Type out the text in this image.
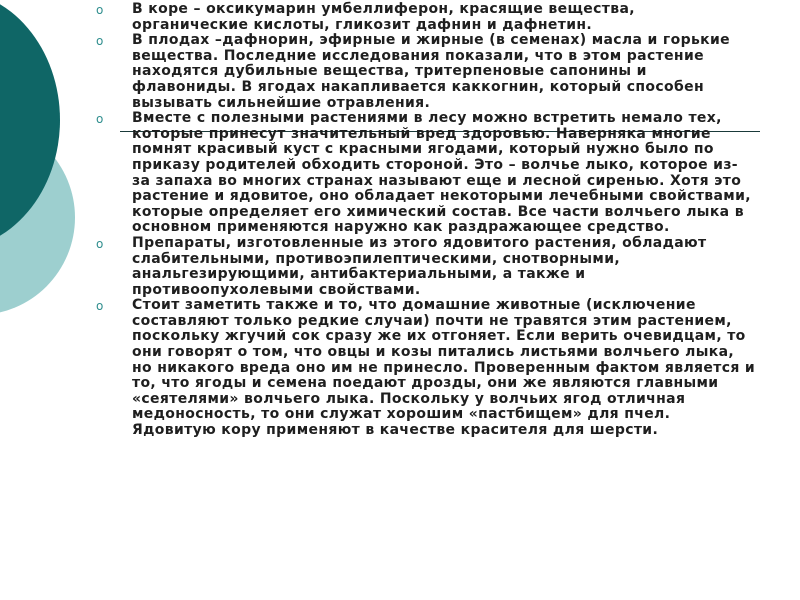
o В коре – оксикумарин умбеллиферон, красящие вещества, органические кислоты, гликозит дафнин и дафнетин.
o В плодах –дафнорин, эфирные и жирные (в семенах) масла и горькие вещества. Последние исследования показали, что в этом растение находятся дубильные вещества, тритерпеновые сапонины и флавониды. В ягодах накапливается каккогнин, который способен вызывать сильнейшие отравления.
o Вместе с полезными растениями в лесу можно встретить немало тех, которые принесут значительный вред здоровью. Наверняка многие помнят красивый куст с красными ягодами, который нужно было по приказу родителей обходить стороной. Это – волчье лыко, которое из-за запаха во многих странах называют еще и лесной сиренью. Хотя это растение и ядовитое, оно обладает некоторыми лечебными свойствами, которые определяет его химический состав. Все части волчьего лыка в основном применяются наружно как раздражающее средство.
o Препараты, изготовленные из этого ядовитого растения, обладают слабительными, противоэпилептическими, снотворными, анальгезирующими, антибактериальными, а также и противоопухолевыми свойствами.
o Стоит заметить также и то, что домашние животные (исключение составляют только редкие случаи) почти не травятся этим растением, поскольку жгучий сок сразу же их отгоняет. Если верить очевидцам, то они говорят о том, что овцы и козы питались листьями волчьего лыка, но никакого вреда оно им не принесло. Проверенным фактом является и то, что ягоды и семена поедают дрозды, они же являются главными «сеятелями» волчьего лыка. Поскольку у волчьих ягод отличная медоносность, то они служат хорошим «пастбищем» для пчел. Ядовитую кору применяют в качестве красителя для шерсти.
